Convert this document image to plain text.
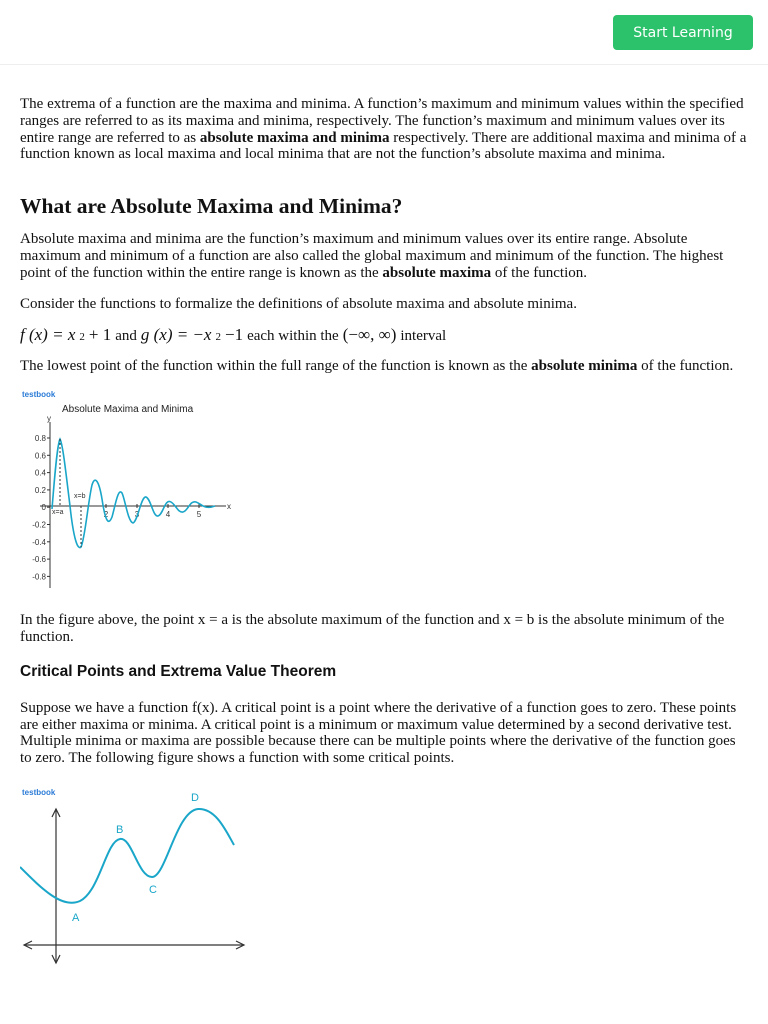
Start Learning

The extrema of a function are the maxima and minima. A function’s maximum and minimum values within the specified ranges are referred to as its maxima and minima, respectively. The function’s maximum and minimum values over its entire range are referred to as absolute maxima and minima respectively. There are additional maxima and minima of a function known as local maxima and local minima that are not the function’s absolute maxima and minima.

What are Absolute Maxima and Minima?

Absolute maxima and minima are the function’s maximum and minimum values over its entire range. Absolute maximum and minimum of a function are also called the global maximum and minimum of the function. The highest point of the function within the entire range is known as the absolute maxima of the function.

Consider the functions to formalize the definitions of absolute maxima and absolute minima.

f (x) = x 2 + 1 and g (x) = −x 2 −1 each within the (−∞, ∞) interval

The lowest point of the function within the full range of the function is known as the absolute minima of the function.

testbook
Absolute Maxima and Minima
y
x
0.8
0.6
0.4
0.2
0
-0.2
-0.4
-0.6
-0.8
2	3	4	5
x=a
x=b

In the figure above, the point x = a is the absolute maximum of the function and x = b is the absolute minimum of the function.

Critical Points and Extrema Value Theorem

Suppose we have a function f(x). A critical point is a point where the derivative of a function goes to zero. These points are either maxima or minima. A critical point is a minimum or maximum value determined by a second derivative test. Multiple minima or maxima are possible because there can be multiple points where the derivative of the function goes to zero. The following figure shows a function with some critical points.

testbook
A
B
C
D
